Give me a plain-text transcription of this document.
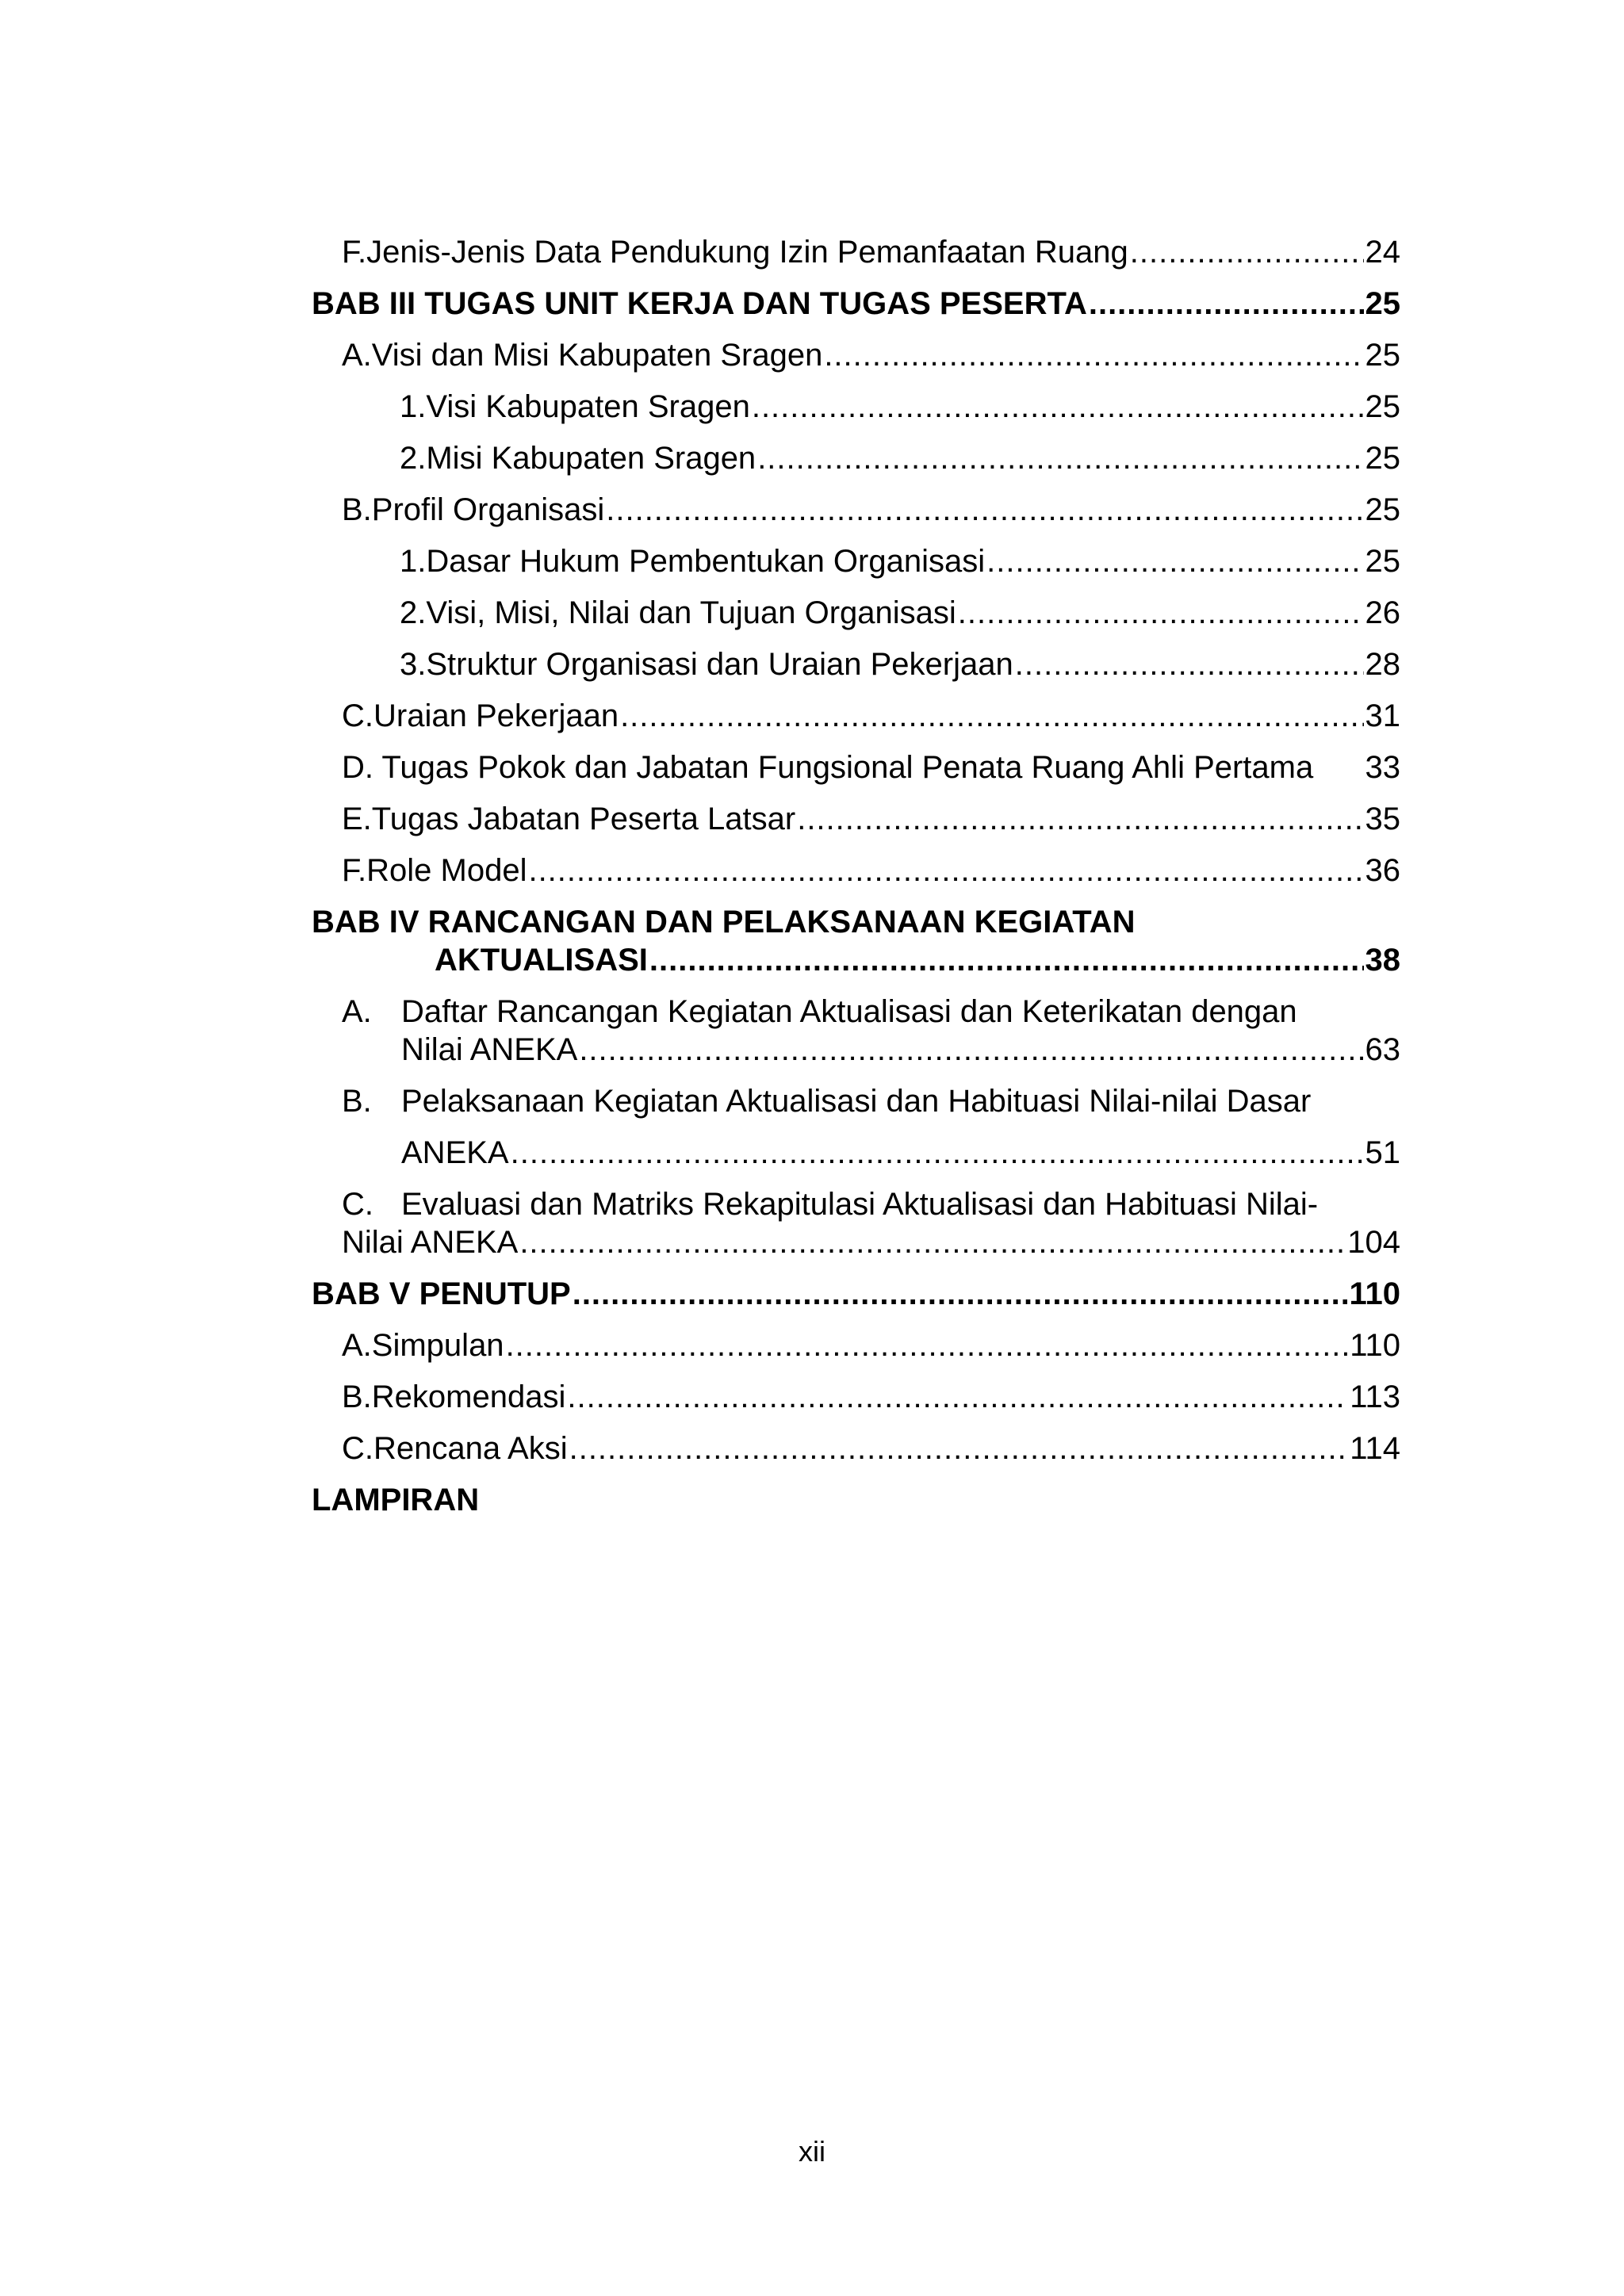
F. Jenis-Jenis Data Pendukung Izin Pemanfaatan Ruang .....	24
BAB III TUGAS UNIT KERJA DAN TUGAS PESERTA .....	25
A. Visi dan Misi Kabupaten Sragen .....	25
1. Visi Kabupaten Sragen .....	25
2. Misi Kabupaten Sragen .....	25
B. Profil Organisasi .....	25
1. Dasar Hukum Pembentukan Organisasi .....	25
2. Visi, Misi, Nilai dan Tujuan Organisasi .....	26
3. Struktur Organisasi dan Uraian Pekerjaan .....	28
C. Uraian Pekerjaan .....	31
D. Tugas Pokok dan Jabatan Fungsional Penata Ruang Ahli Pertama 33
E. Tugas Jabatan Peserta Latsar .....	35
F. Role Model .....	36
BAB IV RANCANGAN DAN PELAKSANAAN KEGIATAN
AKTUALISASI .....	38
A. Daftar Rancangan Kegiatan Aktualisasi dan Keterikatan dengan
Nilai ANEKA .....	63
B. Pelaksanaan Kegiatan Aktualisasi dan Habituasi Nilai-nilai Dasar
ANEKA .....	51
C. Evaluasi dan Matriks Rekapitulasi Aktualisasi dan Habituasi Nilai-
Nilai ANEKA .....	104
BAB V PENUTUP .....	110
A. Simpulan .....	110
B. Rekomendasi .....	113
C. Rencana Aksi .....	114
LAMPIRAN
xii
